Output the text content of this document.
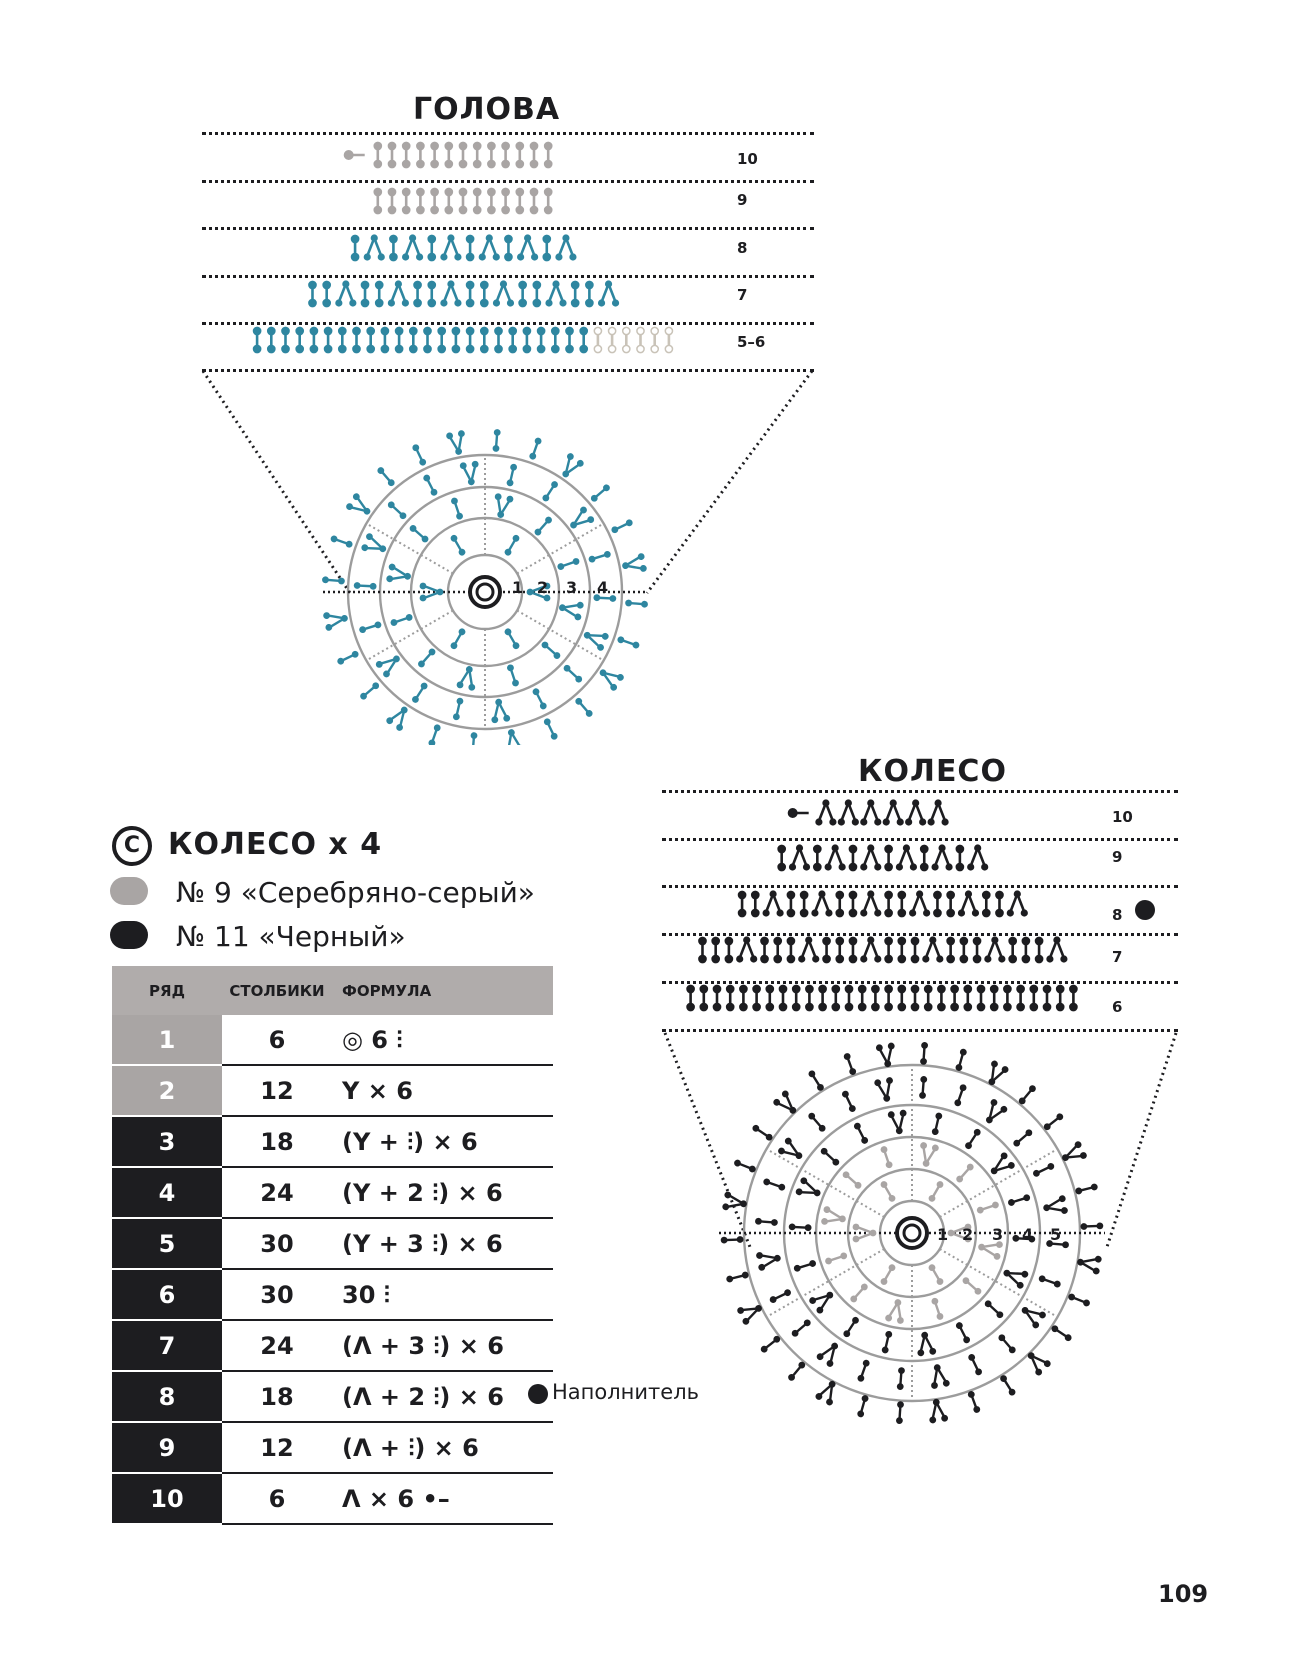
ГОЛОВА
10
9
8
7
5–6
1 2 3 4
C КОЛЕСО x 4
№ 9 «Серебряно-серый»
№ 11 «Черный»
РЯД	СТОЛБИКИ	ФОРМУЛА
1	6	◎ 6 ⫶
2	12	Y × 6
3	18	(Y + ⫶) × 6
4	24	(Y + 2 ⫶) × 6
5	30	(Y + 3 ⫶) × 6
6	30	30 ⫶
7	24	(Ʌ + 3 ⫶) × 6
8	18	(Ʌ + 2 ⫶) × 6
9	12	(Ʌ + ⫶) × 6
10	6	Ʌ × 6 •–
Наполнитель
КОЛЕСО
10
9
8
7
6
1 2 3 4 5
109
